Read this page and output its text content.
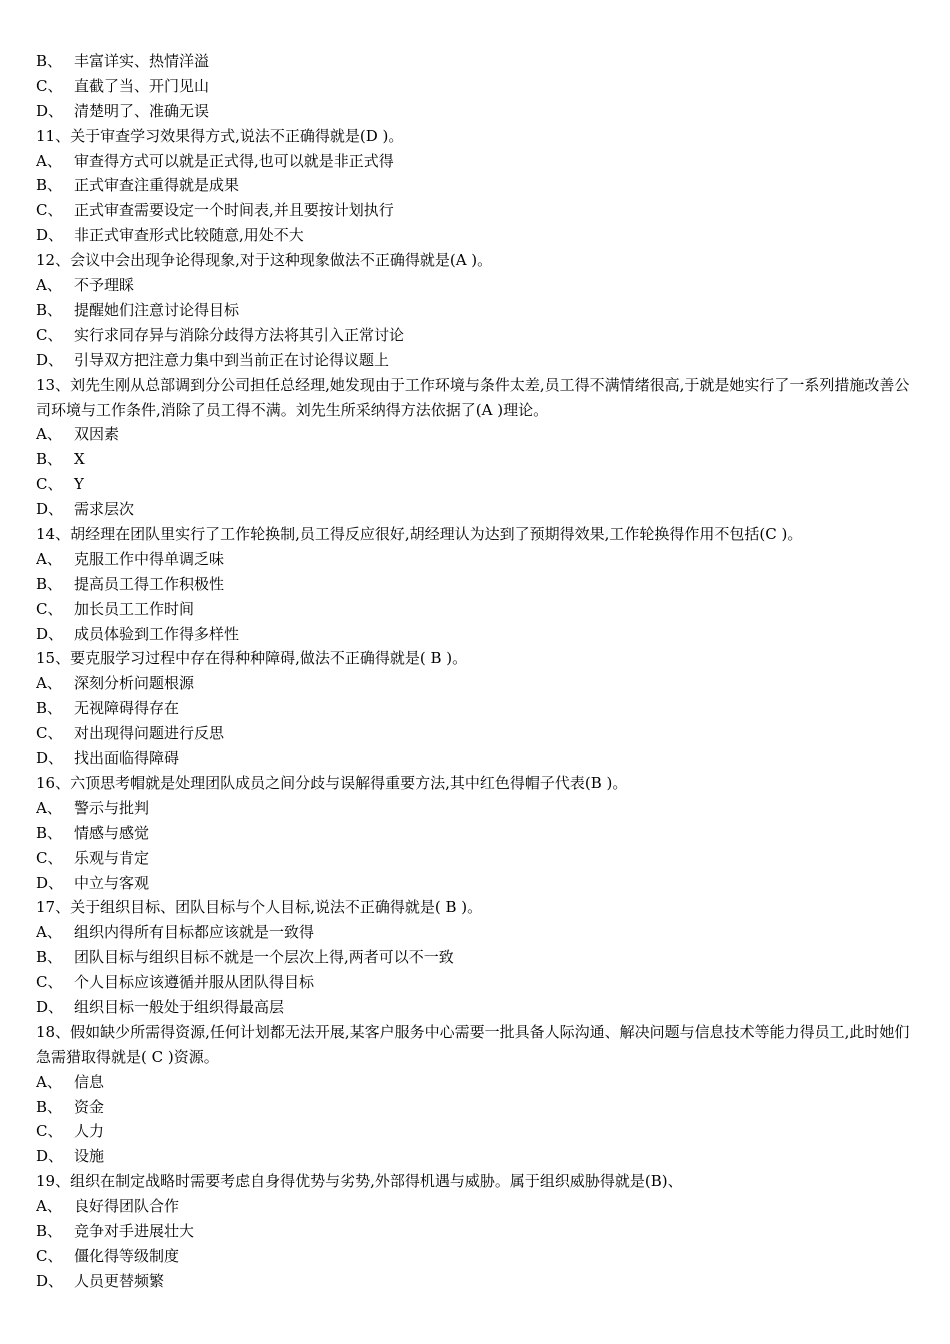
B、 丰富详实、热情洋溢
C、 直截了当、开门见山
D、 清楚明了、准确无误
11、关于审查学习效果得方式,说法不正确得就是(D )。
A、 审查得方式可以就是正式得,也可以就是非正式得
B、 正式审查注重得就是成果
C、 正式审查需要设定一个时间表,并且要按计划执行
D、 非正式审查形式比较随意,用处不大
12、会议中会出现争论得现象,对于这种现象做法不正确得就是(A )。
A、 不予理睬
B、 提醒她们注意讨论得目标
C、 实行求同存异与消除分歧得方法将其引入正常讨论
D、 引导双方把注意力集中到当前正在讨论得议题上
13、刘先生刚从总部调到分公司担任总经理,她发现由于工作环境与条件太差,员工得不满情绪很高,于就是她实行了一系列措施改善公司环境与工作条件,消除了员工得不满。刘先生所采纳得方法依据了(A )理论。
A、 双因素
B、 X
C、 Y
D、 需求层次
14、胡经理在团队里实行了工作轮换制,员工得反应很好,胡经理认为达到了预期得效果,工作轮换得作用不包括(C )。
A、 克服工作中得单调乏味
B、 提高员工得工作积极性
C、 加长员工工作时间
D、 成员体验到工作得多样性
15、要克服学习过程中存在得种种障碍,做法不正确得就是( B )。
A、 深刻分析问题根源
B、 无视障碍得存在
C、 对出现得问题进行反思
D、 找出面临得障碍
16、六顶思考帽就是处理团队成员之间分歧与误解得重要方法,其中红色得帽子代表(B )。
A、 警示与批判
B、 情感与感觉
C、 乐观与肯定
D、 中立与客观
17、关于组织目标、团队目标与个人目标,说法不正确得就是( B )。
A、 组织内得所有目标都应该就是一致得
B、 团队目标与组织目标不就是一个层次上得,两者可以不一致
C、 个人目标应该遵循并服从团队得目标
D、 组织目标一般处于组织得最高层
18、假如缺少所需得资源,任何计划都无法开展,某客户服务中心需要一批具备人际沟通、解决问题与信息技术等能力得员工,此时她们急需猎取得就是( C )资源。
A、 信息
B、 资金
C、 人力
D、 设施
19、组织在制定战略时需要考虑自身得优势与劣势,外部得机遇与威胁。属于组织威胁得就是(B)、
A、 良好得团队合作
B、 竞争对手进展壮大
C、 僵化得等级制度
D、 人员更替频繁
